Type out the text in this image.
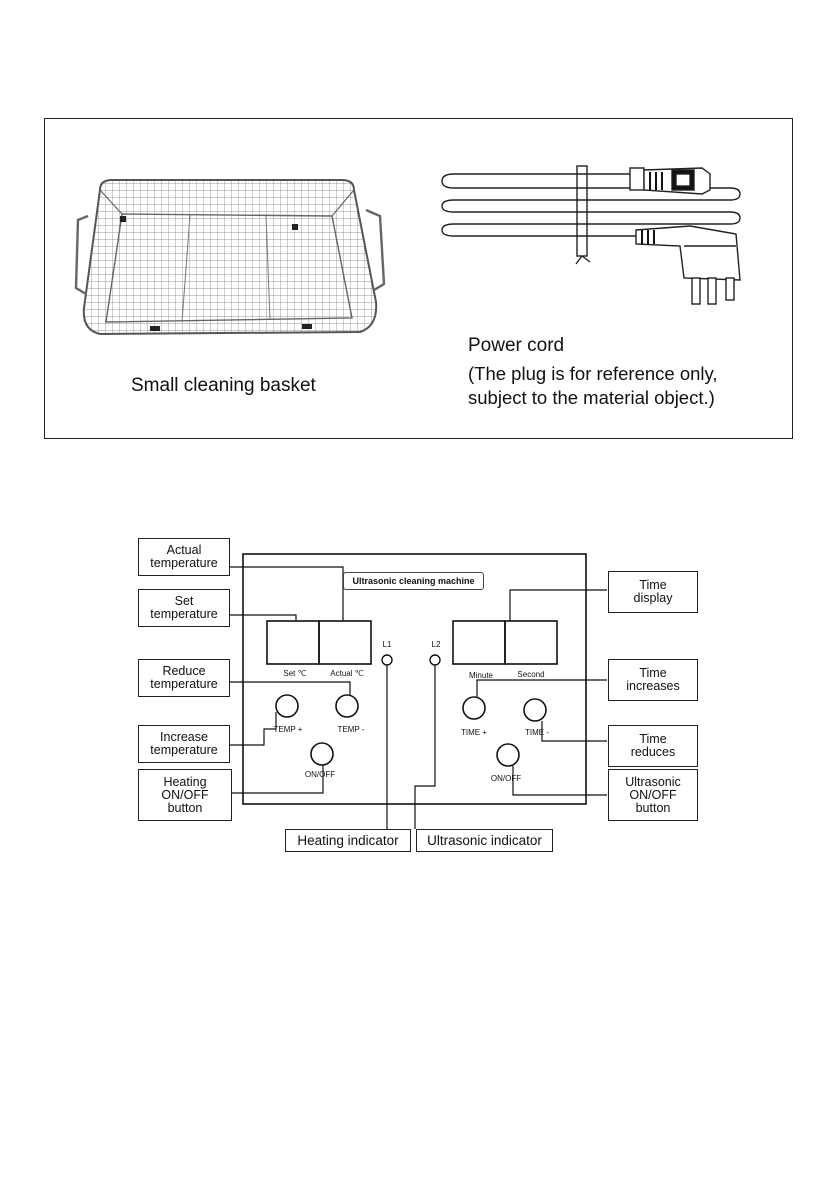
Small cleaning basket
Power cord
(The plug is for reference only,
subject to the material object.)
Ultrasonic cleaning machine
Set ℃	Actual ℃	Minute	Second
L1	L2
TEMP +	TEMP -
ON/OFF
TIME +	TIME -
ON/OFF
Actual
temperature
Set
temperature
Reduce
temperature
Increase
temperature
Heating
ON/OFF
button
Time
display
Time
increases
Time
reduces
Ultrasonic
ON/OFF
button
Heating indicator	Ultrasonic indicator
